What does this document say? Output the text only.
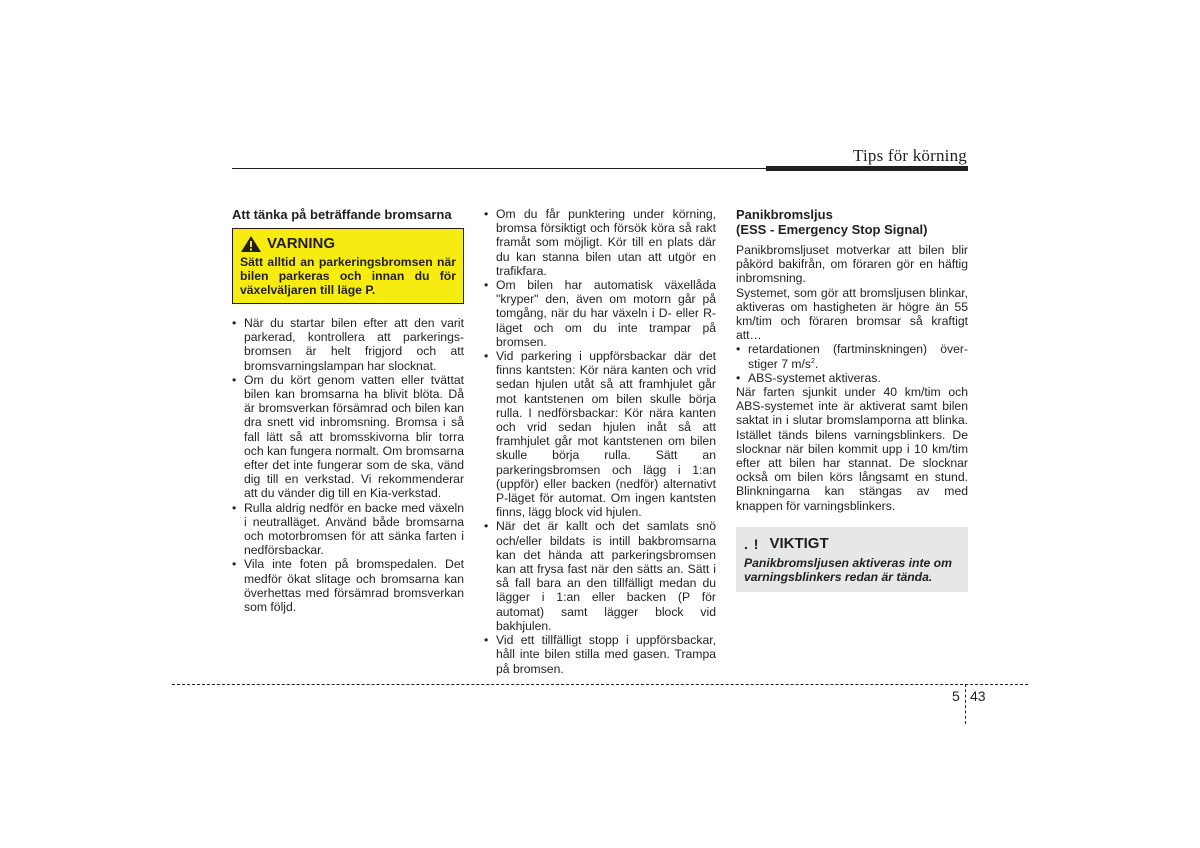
Tips för körning
Att tänka på beträffande bromsarna
VARNING
Sätt alltid an parkeringsbromsen när bilen parkeras och innan du för växelväljaren till läge P.
• När du startar bilen efter att den varit parkerad, kontrollera att parkerings-bromsen är helt frigjord och att bromsvarningslampan har slocknat.
• Om du kört genom vatten eller tvättat bilen kan bromsarna ha blivit blöta. Då är bromsverkan försämrad och bilen kan dra snett vid inbromsning. Bromsa i så fall lätt så att bromsskivorna blir torra och kan fungera normalt. Om bromsarna efter det inte fungerar som de ska, vänd dig till en verkstad. Vi rekommenderar att du vänder dig till en Kia-verkstad.
• Rulla aldrig nedför en backe med växeln i neutralläget. Använd både bromsarna och motorbromsen för att sänka farten i nedförsbackar.
• Vila inte foten på bromspedalen. Det medför ökat slitage och bromsarna kan överhettas med försämrad bromsverkan som följd.
• Om du får punktering under körning, bromsa försiktigt och försök köra så rakt framåt som möjligt. Kör till en plats där du kan stanna bilen utan att utgör en trafikfara.
• Om bilen har automatisk växellåda "kryper" den, även om motorn går på tomgång, när du har växeln i D- eller R-läget och om du inte trampar på bromsen.
• Vid parkering i uppförsbackar där det finns kantsten: Kör nära kanten och vrid sedan hjulen utåt så att framhjulet går mot kantstenen om bilen skulle börja rulla. I nedförsbackar: Kör nära kanten och vrid sedan hjulen inåt så att framhjulet går mot kantstenen om bilen skulle börja rulla. Sätt an parkeringsbromsen och lägg i 1:an (uppför) eller backen (nedför) alternativt P-läget för automat. Om ingen kantsten finns, lägg block vid hjulen.
• När det är kallt och det samlats snö och/eller bildats is intill bakbromsarna kan det hända att parkeringsbromsen kan att frysa fast när den sätts an. Sätt i så fall bara an den tillfälligt medan du lägger i 1:an eller backen (P för automat) samt lägger block vid bakhjulen.
• Vid ett tillfälligt stopp i uppförsbackar, håll inte bilen stilla med gasen. Trampa på bromsen.
Panikbromsljus
(ESS - Emergency Stop Signal)

Panikbromsljuset motverkar att bilen blir påkörd bakifrån, om föraren gör en häftig inbromsning.

Systemet, som gör att bromsljusen blinkar, aktiveras om hastigheten är högre än 55 km/tim och föraren bromsar så kraftigt att…

• retardationen (fartminskningen) över-stiger 7 $m/s^2$.
• ABS-systemet aktiveras.

När farten sjunkit under 40 km/tim och ABS-systemet inte är aktiverat samt bilen saktat in i slutar bromslamporna att blinka. Istället tänds bilens varningsblinkers. De slocknar när bilen kommit upp i 10 km/tim efter att bilen har stannat. De slocknar också om bilen körs långsamt en stund. Blinkningarna kan stängas av med knappen för varningsblinkers.

. ! VIKTIGT
Panikbromsljusen aktiveras inte om varningsblinkers redan är tända.
5 43
